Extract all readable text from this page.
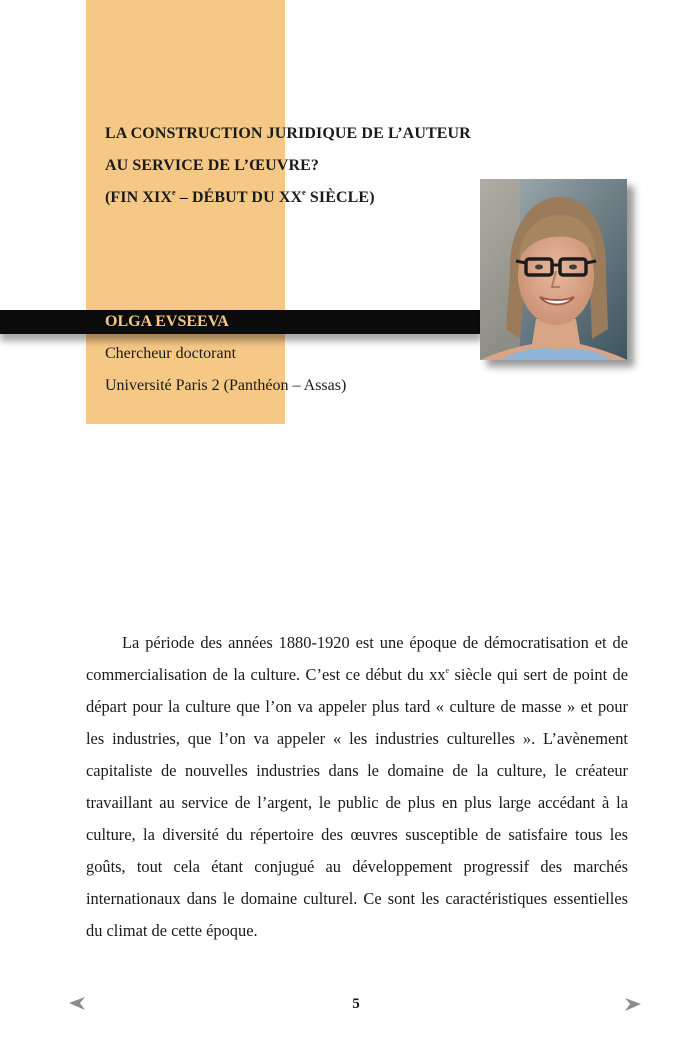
LA CONSTRUCTION JURIDIQUE DE L’AUTEUR
AU SERVICE DE L’ŒUVRE?
(FIN XIXe – DÉBUT DU XXe SIÈCLE)
OLGA EVSEEVA
Chercheur doctorant
Université Paris 2 (Panthéon – Assas)

La période des années 1880-1920 est une époque de démocratisation et de commercialisation de la culture. C’est ce début du $xx^e$ siècle qui sert de point de départ pour la culture que l’on va appeler plus tard « culture de masse » et pour les industries, que l’on va appeler « les industries culturelles ». L’avènement capitaliste de nouvelles industries dans le domaine de la culture, le créateur travaillant au service de l’argent, le public de plus en plus large accédant à la culture, la diversité du répertoire des œuvres susceptible de satisfaire tous les goûts, tout cela étant conjugué au développement progressif des marchés internationaux dans le domaine culturel. Ce sont les caractéristiques essentielles du climat de cette époque.

5
